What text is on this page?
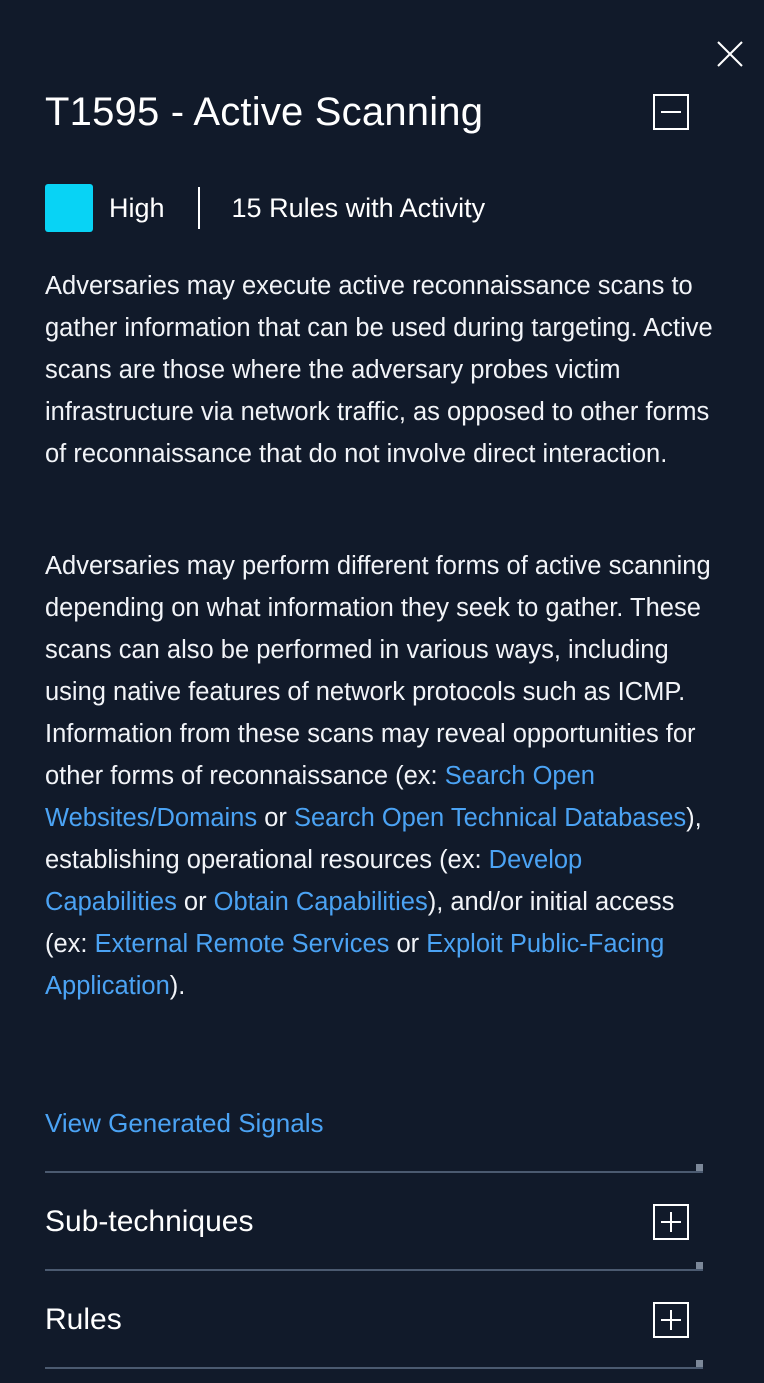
T1595 - Active Scanning
High 15 Rules with Activity

Adversaries may execute active reconnaissance scans to gather information that can be used during targeting. Active scans are those where the adversary probes victim infrastructure via network traffic, as opposed to other forms of reconnaissance that do not involve direct interaction.

Adversaries may perform different forms of active scanning depending on what information they seek to gather. These scans can also be performed in various ways, including using native features of network protocols such as ICMP. Information from these scans may reveal opportunities for other forms of reconnaissance (ex: Search Open Websites/Domains or Search Open Technical Databases), establishing operational resources (ex: Develop Capabilities or Obtain Capabilities), and/or initial access (ex: External Remote Services or Exploit Public-Facing Application).

View Generated Signals
Sub-techniques
Rules
